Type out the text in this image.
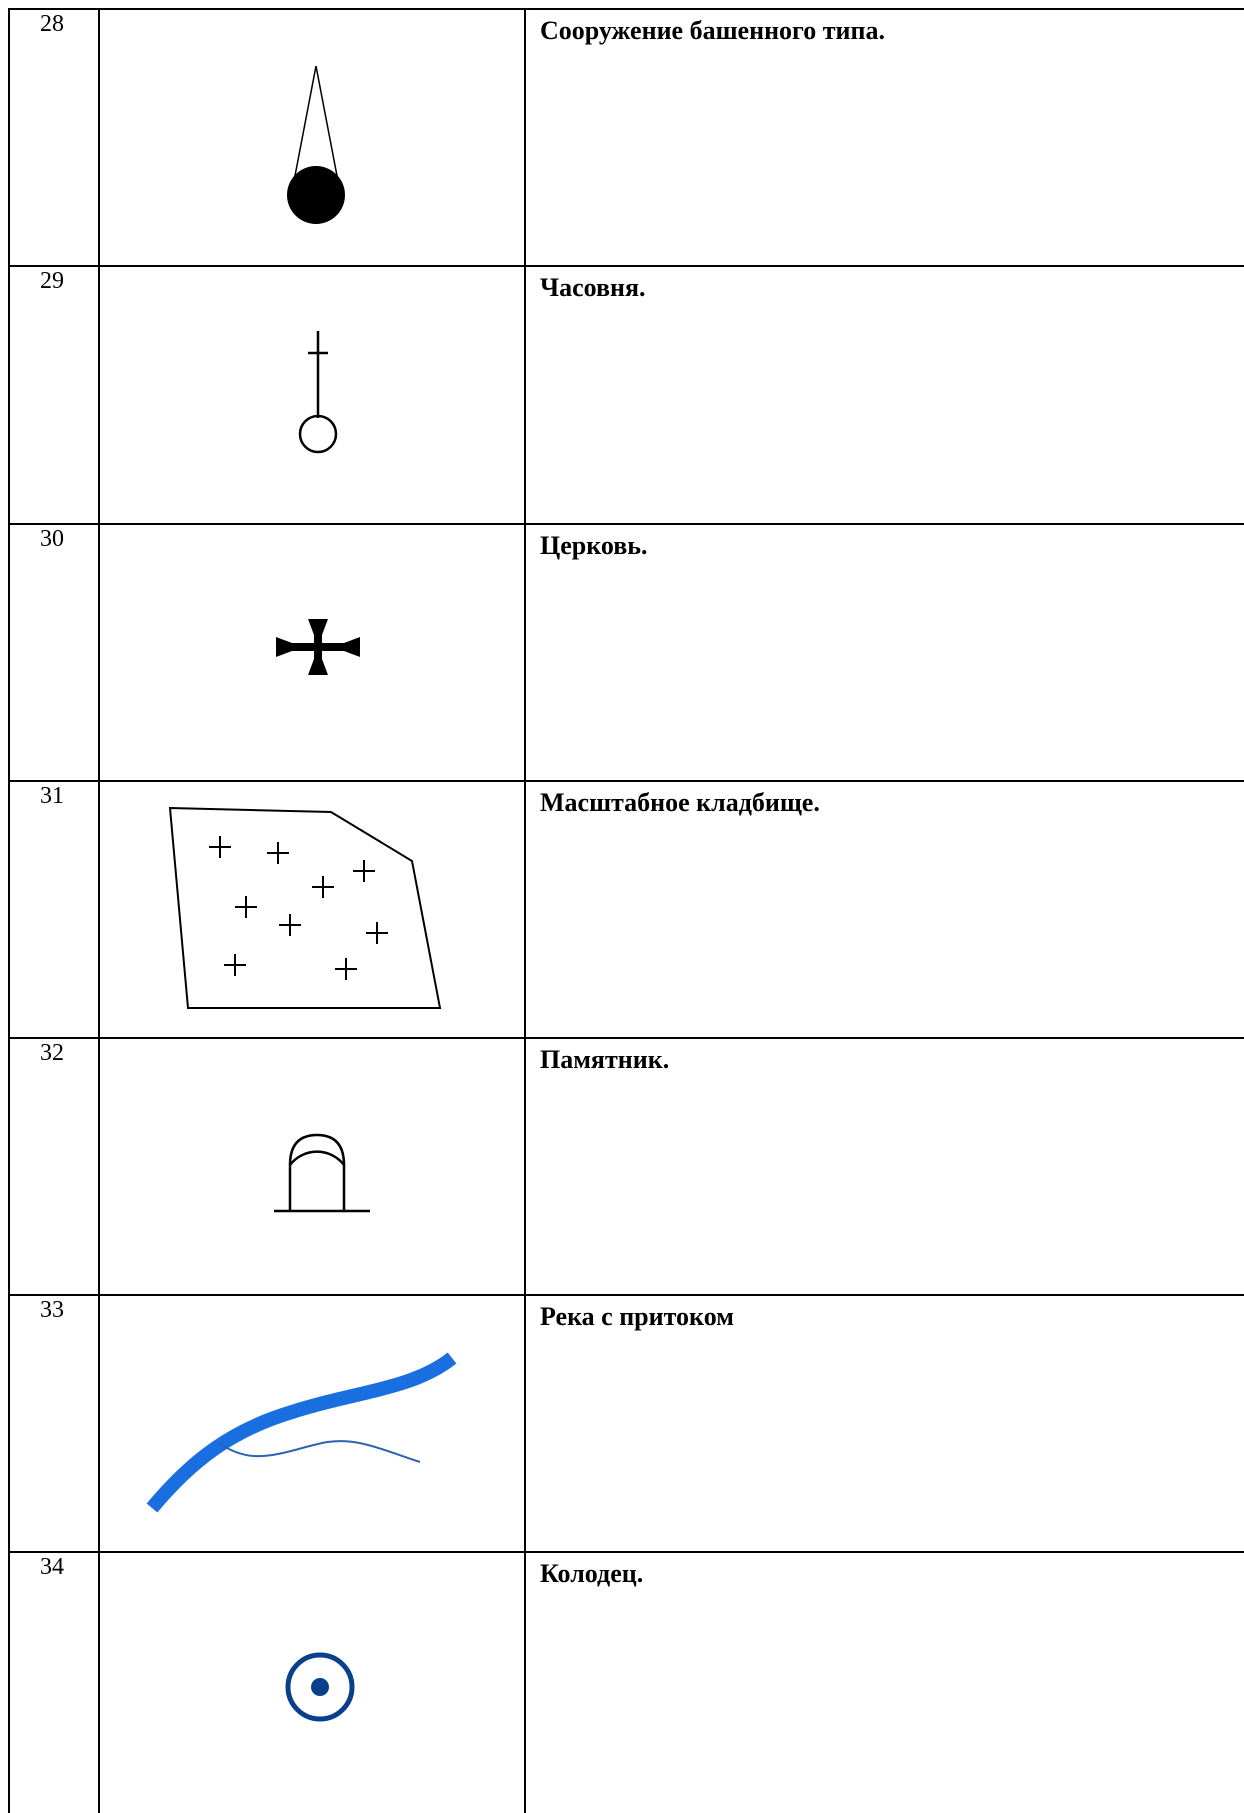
28	Сооружение башенного типа.
29	Часовня.
30	Церковь.
31	Масштабное кладбище.
32	Памятник.
33	Река с притоком
34	Колодец.
